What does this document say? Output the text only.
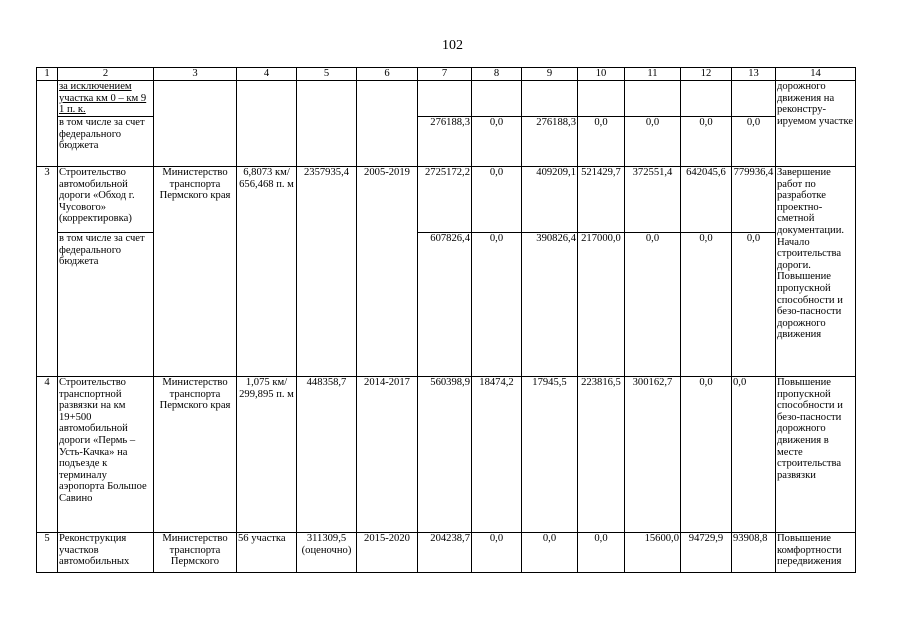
102
1	2	3	4	5	6	7	8	9	10	11	12	13	14
	за исключением участка км 0 – км 9 1 п. к.												дорожного движения на реконстру-ируемом участке
	в том числе за счет федерального бюджета					276188,3	0,0	276188,3	0,0	0,0	0,0	0,0	
3	Строительство автомобильной дороги «Обход г. Чусового» (корректировка)	Министерство транспорта Пермского края	6,8073 км/ 656,468 п. м	2357935,4	2005-2019	2725172,2	0,0	409209,1	521429,7	372551,4	642045,6	779936,4	Завершение работ по разработке проектно-сметной документации. Начало строительства дороги. Повышение пропускной способности и безо-пасности дорожного движения
	в том числе за счет федерального бюджета					607826,4	0,0	390826,4	217000,0	0,0	0,0	0,0	
4	Строительство транспортной развязки на км 19+500 автомобильной дороги «Пермь – Усть-Качка» на подъезде к терминалу аэропорта Большое Савино	Министерство транспорта Пермского края	1,075 км/ 299,895 п. м	448358,7	2014-2017	560398,9	18474,2	17945,5	223816,5	300162,7	0,0	0,0	Повышение пропускной способности и безо-пасности дорожного движения в месте строительства развязки
5	Реконструкция участков автомобильных	Министерство транспорта Пермского	56 участка	311309,5 (оценочно)	2015-2020	204238,7	0,0	0,0	0,0	15600,0	94729,9	93908,8	Повышение комфортности передвижения
